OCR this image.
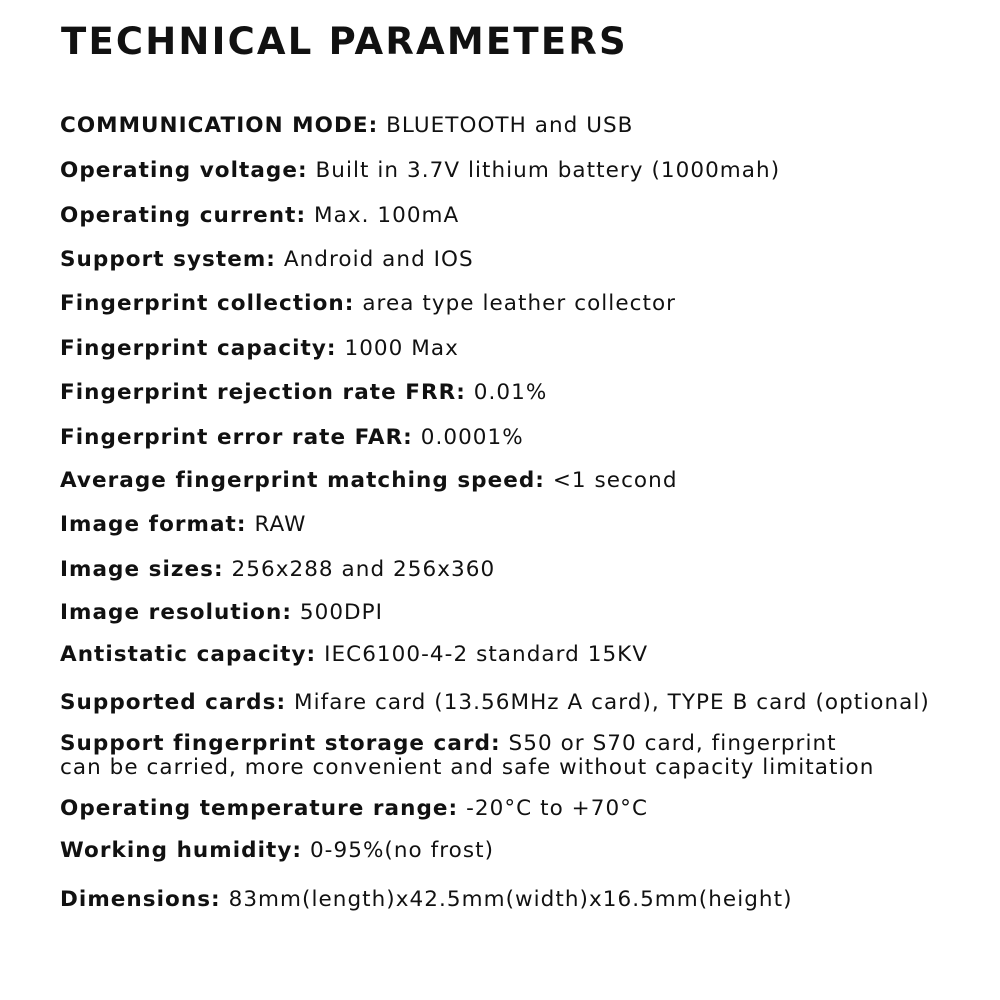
TECHNICAL PARAMETERS
COMMUNICATION MODE: BLUETOOTH and USB
Operating voltage: Built in 3.7V lithium battery (1000mah)
Operating current: Max. 100mA
Support system: Android and IOS
Fingerprint collection: area type leather collector
Fingerprint capacity: 1000 Max
Fingerprint rejection rate FRR: 0.01%
Fingerprint error rate FAR: 0.0001%
Average fingerprint matching speed: <1 second
Image format: RAW
Image sizes: 256x288 and 256x360
Image resolution: 500DPI
Antistatic capacity: IEC6100-4-2 standard 15KV
Supported cards: Mifare card (13.56MHz A card), TYPE B card (optional)
Support fingerprint storage card: S50 or S70 card, fingerprint
can be carried, more convenient and safe without capacity limitation
Operating temperature range: -20°C to +70°C
Working humidity: 0-95%(no frost)
Dimensions: 83mm(length)x42.5mm(width)x16.5mm(height)
